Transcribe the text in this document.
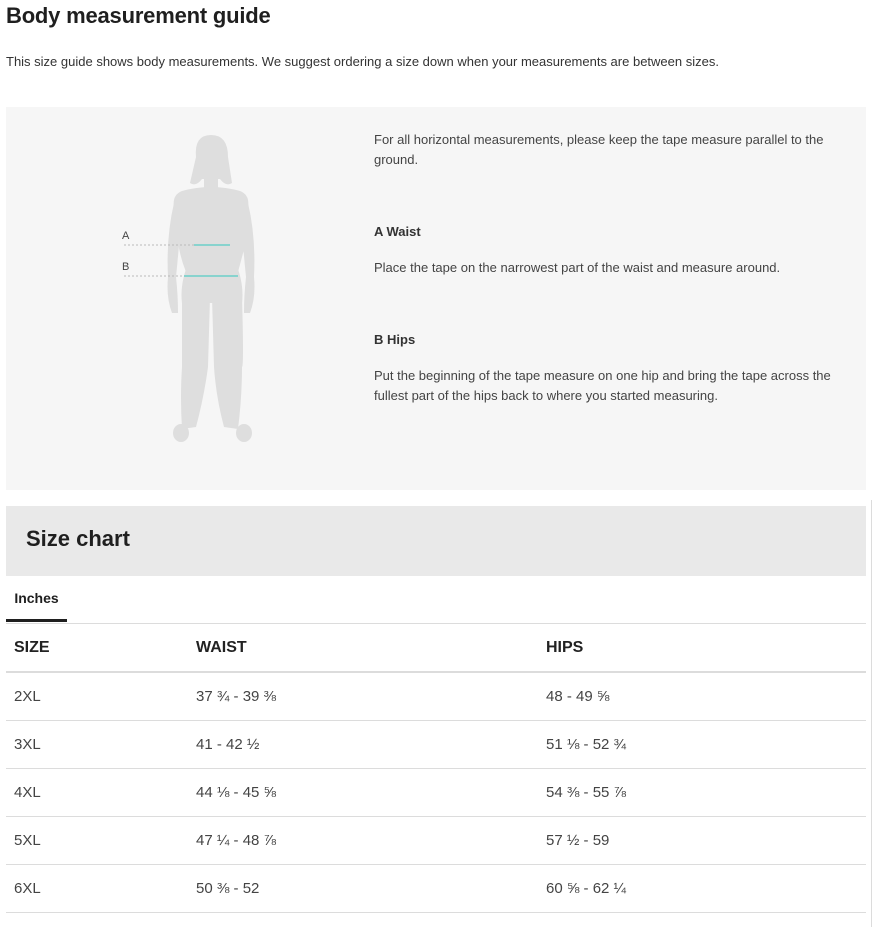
Body measurement guide

This size guide shows body measurements. We suggest ordering a size down when your measurements are between sizes.

A
B

For all horizontal measurements, please keep the tape measure parallel to the ground.

A Waist

Place the tape on the narrowest part of the waist and measure around.

B Hips

Put the beginning of the tape measure on one hip and bring the tape across the fullest part of the hips back to where you started measuring.

Size chart
Inches
SIZE	WAIST	HIPS
2XL	37 ¾ - 39 ⅜	48 - 49 ⅝
3XL	41 - 42 ½	51 ⅛ - 52 ¾
4XL	44 ⅛ - 45 ⅝	54 ⅜ - 55 ⅞
5XL	47 ¼ - 48 ⅞	57 ½ - 59
6XL	50 ⅜ - 52	60 ⅝ - 62 ¼
